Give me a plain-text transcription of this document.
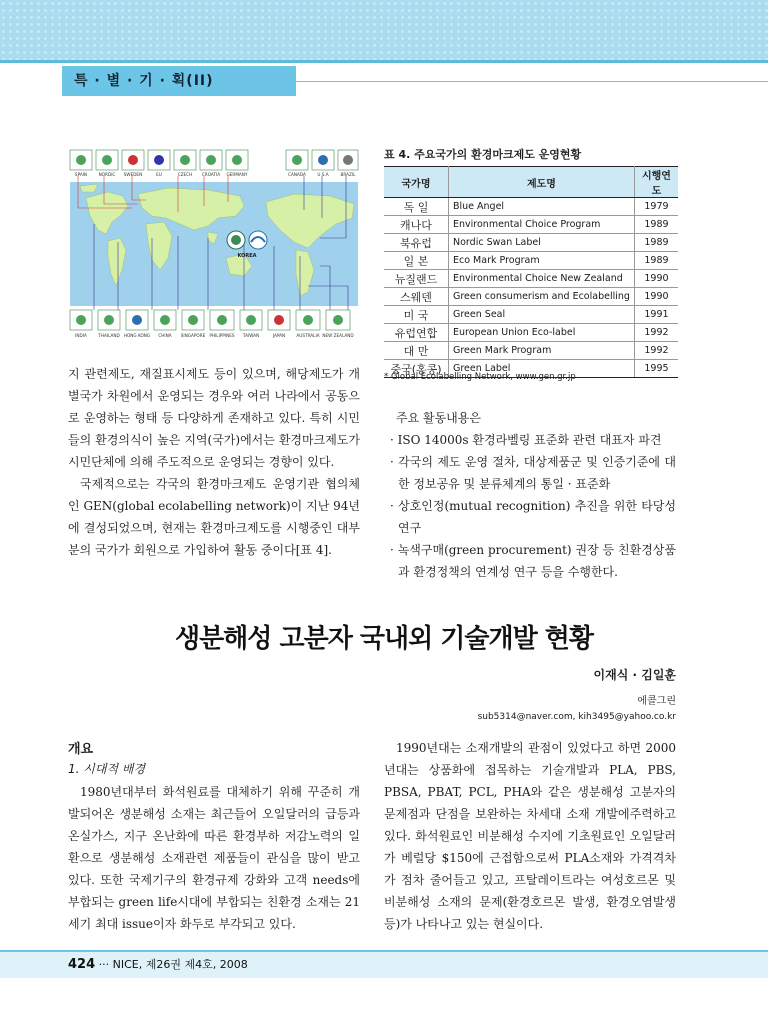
특 · 별 · 기 · 획(II)
KOREA
SPAIN	NORDIC SWEDEN	EU	CZECH CROATIA GERMANY	CANADA	U.S.A	BRAZIL
INDIA	THAILAND HONG KONG CHINA SINGAPORE PHILIPPINES TAIWAN	JAPAN	AUSTRALIA NEW ZEALAND
표 4. 주요국가의 환경마크제도 운영현황
국가명	제도명	시행연도
독 일	Blue Angel	1979
캐나다	Environmental Choice Program	1989
북유럽	Nordic Swan Label	1989
일 본	Eco Mark Program	1989
뉴질랜드	Environmental Choice New Zealand	1990
스웨덴	Green consumerism and Ecolabelling	1990
미 국	Green Seal	1991
유럽연합	European Union Eco-label	1992
대 만	Green Mark Program	1992
중국(홍콩)	Green Label	1995
* Global Ecolabelling Network, www.gen.gr.jp

지 관련제도, 재질표시제도 등이 있으며, 해당제도가 개별국가 차원에서 운영되는 경우와 여러 나라에서 공동으로 운영하는 형태 등 다양하게 존재하고 있다. 특히 시민들의 환경의식이 높은 지역(국가)에서는 환경마크제도가 시민단체에 의해 주도적으로 운영되는 경향이 있다.

국제적으로는 각국의 환경마크제도 운영기관 협의체인 GEN(global ecolabelling network)이 지난 94년에 결성되었으며, 현재는 환경마크제도를 시행중인 대부분의 국가가 회원으로 가입하여 활동 중이다[표 4].

주요 활동내용은

· ISO 14000s 환경라벨링 표준화 관련 대표자 파견

· 각국의 제도 운영 절차, 대상제품군 및 인증기준에 대한 정보공유 및 분류체계의 통일 · 표준화

· 상호인정(mutual recognition) 추진을 위한 타당성 연구

· 녹색구매(green procurement) 권장 등 친환경상품과 환경정책의 연계성 연구 등을 수행한다.

생분해성 고분자 국내외 기술개발 현황
이재식 · 김일훈
에콜그린
sub5314@naver.com, kih3495@yahoo.co.kr
개요
1. 시대적 배경
1980년대부터 화석원료를 대체하기 위해 꾸준히 개발되어온 생분해성 소재는 최근들어 오일달러의 급등과 온실가스, 지구 온난화에 따른 환경부하 저감노력의 일환으로 생분해성 소재관련 제품들이 관심을 많이 받고 있다. 또한 국제기구의 환경규제 강화와 고객 needs에 부합되는 green life시대에 부합되는 친환경 소재는 21세기 최대 issue이자 화두로 부각되고 있다.
1990년대는 소재개발의 관점이 있었다고 하면 2000년대는 상품화에 접목하는 기술개발과 PLA, PBS, PBSA, PBAT, PCL, PHA와 같은 생분해성 고분자의 문제점과 단점을 보완하는 차세대 소재 개발에주력하고 있다. 화석원료인 비분해성 수지에 기초원료인 오일달러가 베럴당 $150에 근접함으로써 PLA소재와 가격격차가 점차 줄어들고 있고, 프탈레이트라는 여성호르몬 및 비분해성 소재의 문제(환경호르몬 발생, 환경오염발생 등)가 나타나고 있는 현실이다.
424 ··· NICE, 제26권 제4호, 2008
